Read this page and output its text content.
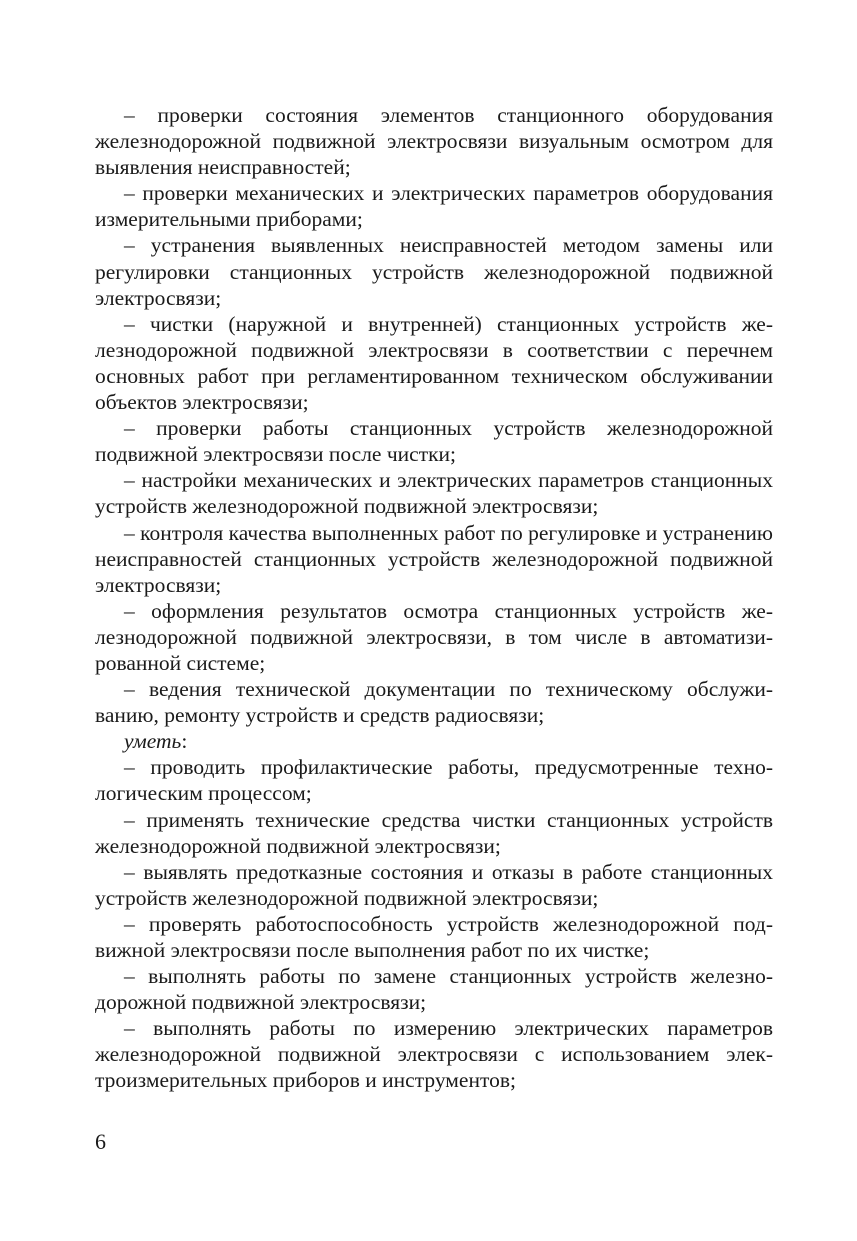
– проверки состояния элементов станционного оборудования железнодорожной подвижной электросвязи визуальным осмотром для выявления неисправностей;

– проверки механических и электрических параметров оборудования измерительными приборами;

– устранения выявленных неисправностей методом замены или регулировки станционных устройств железнодорожной подвижной электросвязи;

– чистки (наружной и внутренней) станционных устройств железнодорожной подвижной электросвязи в соответствии с перечнем основных работ при регламентированном техническом обслуживании объектов электросвязи;

– проверки работы станционных устройств железнодорожной подвижной электросвязи после чистки;

– настройки механических и электрических параметров станционных устройств железнодорожной подвижной электросвязи;

– контроля качества выполненных работ по регулировке и устранению неисправностей станционных устройств железнодорожной подвижной электросвязи;

– оформления результатов осмотра станционных устройств железнодорожной подвижной электросвязи, в том числе в автоматизированной системе;

– ведения технической документации по техническому обслуживанию, ремонту устройств и средств радиосвязи;

уметь:

– проводить профилактические работы, предусмотренные технологическим процессом;

– применять технические средства чистки станционных устройств железнодорожной подвижной электросвязи;

– выявлять предотказные состояния и отказы в работе станционных устройств железнодорожной подвижной электросвязи;

– проверять работоспособность устройств железнодорожной подвижной электросвязи после выполнения работ по их чистке;

– выполнять работы по замене станционных устройств железнодорожной подвижной электросвязи;

– выполнять работы по измерению электрических параметров железнодорожной подвижной электросвязи с использованием электроизмерительных приборов и инструментов;

6
